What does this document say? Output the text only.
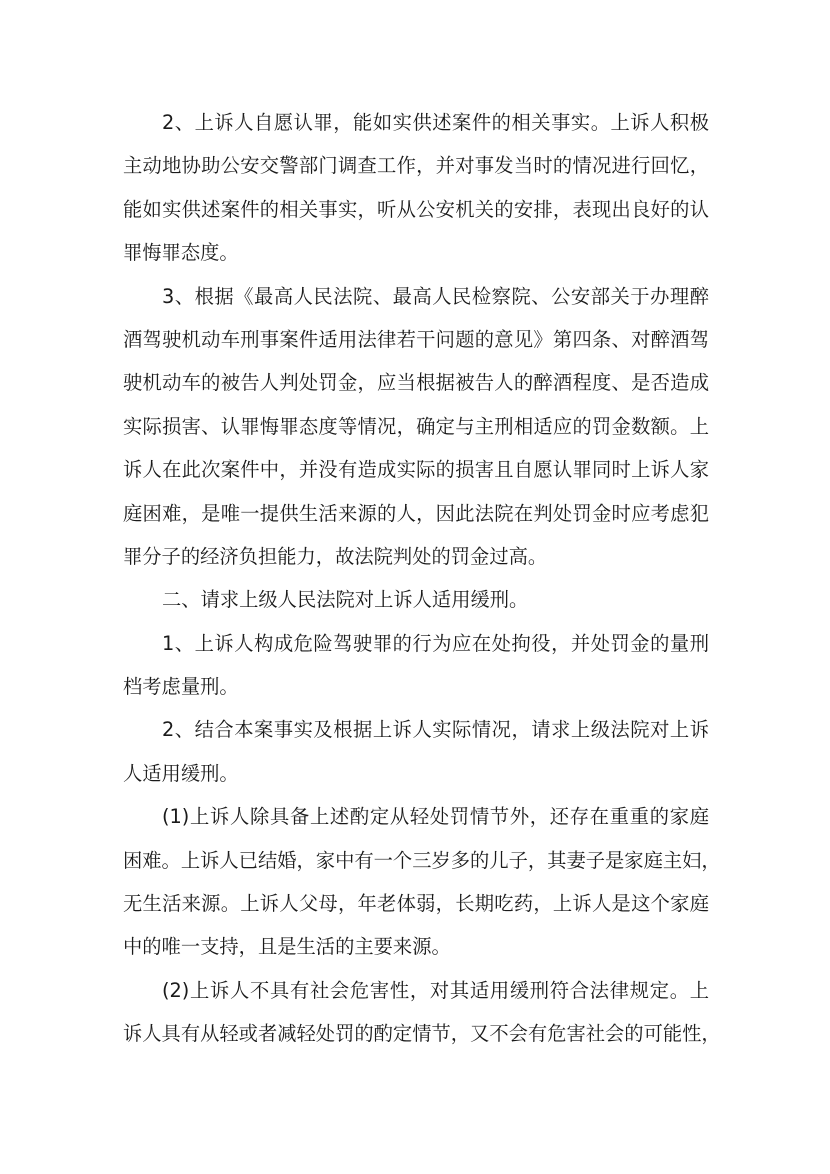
2、上诉人自愿认罪，能如实供述案件的相关事实。上诉人积极
主动地协助公安交警部门调查工作，并对事发当时的情况进行回忆，
能如实供述案件的相关事实，听从公安机关的安排，表现出良好的认
罪悔罪态度。
3、根据《最高人民法院、最高人民检察院、公安部关于办理醉
酒驾驶机动车刑事案件适用法律若干问题的意见》第四条、对醉酒驾
驶机动车的被告人判处罚金，应当根据被告人的醉酒程度、是否造成
实际损害、认罪悔罪态度等情况，确定与主刑相适应的罚金数额。上
诉人在此次案件中，并没有造成实际的损害且自愿认罪同时上诉人家
庭困难，是唯一提供生活来源的人，因此法院在判处罚金时应考虑犯
罪分子的经济负担能力，故法院判处的罚金过高。
二、请求上级人民法院对上诉人适用缓刑。
1、上诉人构成危险驾驶罪的行为应在处拘役，并处罚金的量刑
档考虑量刑。
2、结合本案事实及根据上诉人实际情况，请求上级法院对上诉
人适用缓刑。
(1)上诉人除具备上述酌定从轻处罚情节外，还存在重重的家庭
困难。上诉人已结婚，家中有一个三岁多的儿子，其妻子是家庭主妇，
无生活来源。上诉人父母，年老体弱，长期吃药，上诉人是这个家庭
中的唯一支持，且是生活的主要来源。
(2)上诉人不具有社会危害性，对其适用缓刑符合法律规定。上
诉人具有从轻或者减轻处罚的酌定情节，又不会有危害社会的可能性，
